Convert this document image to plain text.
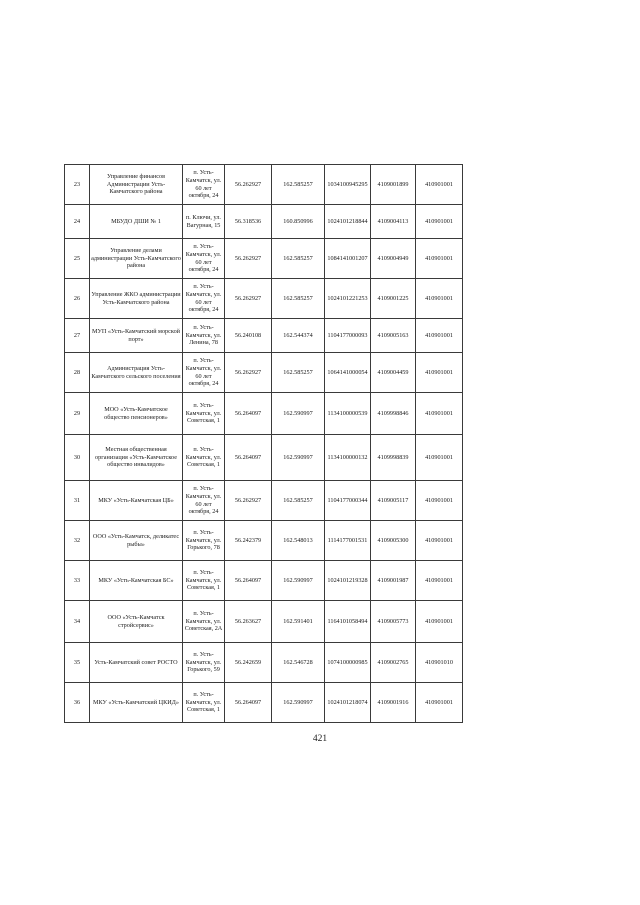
23	Управление финансов Администрации Усть-Камчатского района	п. Усть-Камчатск, ул. 60 лет октября, 24	56.262927	162.585257	1034100945295	4109001899	410901001
24	МБУДО ДШИ № 1	п. Ключи, ул. Вагурная, 15	56.318536	160.850996	1024101218844	4109004113	410901001
25	Управление делами администрации Усть-Камчатского района	п. Усть-Камчатск, ул. 60 лет октября, 24	56.262927	162.585257	1084141001207	4109004949	410901001
26	Управление ЖКО администрации Усть-Камчатского района	п. Усть-Камчатск, ул. 60 лет октября, 24	56.262927	162.585257	1024101221253	4109001225	410901001
27	МУП «Усть-Камчатский морской порт»	п. Усть-Камчатск, ул. Ленина, 78	56.240108	162.544374	1104177000093	4109005163	410901001
28	Администрация Усть-Камчатского сельского поселения	п. Усть-Камчатск, ул. 60 лет октября, 24	56.262927	162.585257	1064141000054	4109004459	410901001
29	МОО «Усть-Камчатское общество пенсионеров»	п. Усть-Камчатск, ул. Советская, 1	56.264097	162.590997	1134100000539	4109998846	410901001
30	Местная общественная организация «Усть-Камчатское общество инвалидов»	п. Усть-Камчатск, ул. Советская, 1	56.264097	162.590997	1134100000132	4109998839	410901001
31	МКУ «Усть-Камчатская ЦБ»	п. Усть-Камчатск, ул. 60 лет октября, 24	56.262927	162.585257	1104177000344	4109005117	410901001
32	ООО «Усть-Камчатск, деликатес рыбы»	п. Усть-Камчатск, ул. Горького, 78	56.242379	162.548013	1114177001531	4109005300	410901001
33	МКУ «Усть-Камчатская БС»	п. Усть-Камчатск, ул. Советская, 1	56.264097	162.590997	1024101219328	4109001987	410901001
34	ООО «Усть-Камчатск стройсервис»	п. Усть-Камчатск, ул. Советская, 2А	56.263627	162.591401	1164101058494	4109005773	410901001
35	Усть-Камчатский совет РОСТО	п. Усть-Камчатск, ул. Горького, 59	56.242659	162.546728	1074100000985	4109002765	410901010
36	МКУ «Усть-Камчатский ЦКИД»	п. Усть-Камчатск, ул. Советская, 1	56.264097	162.590997	1024101218074	4109001916	410901001
421
